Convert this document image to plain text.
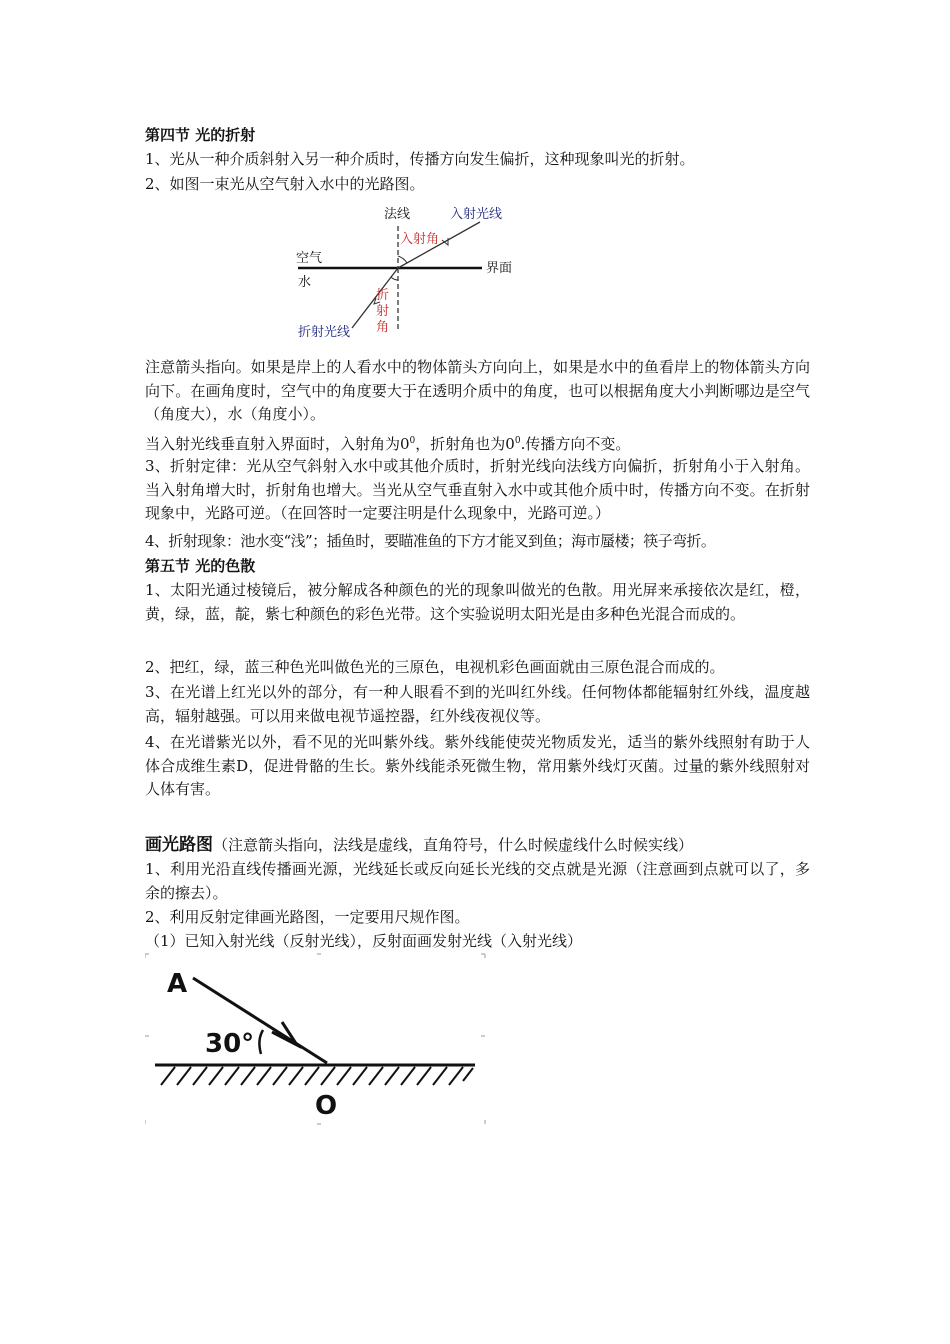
第四节 光的折射
1、光从一种介质斜射入另一种介质时，传播方向发生偏折，这种现象叫光的折射。
2、如图一束光从空气射入水中的光路图。
法线	入射光线
入射角
空气
界面
水
折
射
角
折射光线
注意箭头指向。如果是岸上的人看水中的物体箭头方向向上，如果是水中的鱼看岸上的物体箭头方向向下。在画角度时，空气中的角度要大于在透明介质中的角度，也可以根据角度大小判断哪边是空气（角度大），水（角度小）。
当入射光线垂直射入界面时，入射角为$0^0$，折射角也为$0^0$.传播方向不变。
3、折射定律：光从空气斜射入水中或其他介质时，折射光线向法线方向偏折，折射角小于入射角。当入射角增大时，折射角也增大。当光从空气垂直射入水中或其他介质中时，传播方向不变。在折射现象中，光路可逆。（在回答时一定要注明是什么现象中，光路可逆。）
4、折射现象：池水变“浅”；插鱼时，要瞄准鱼的下方才能叉到鱼；海市蜃楼；筷子弯折。
第五节 光的色散
1、太阳光通过棱镜后，被分解成各种颜色的光的现象叫做光的色散。用光屏来承接依次是红，橙，黄，绿，蓝，靛，紫七种颜色的彩色光带。这个实验说明太阳光是由多种色光混合而成的。
2、把红，绿，蓝三种色光叫做色光的三原色，电视机彩色画面就由三原色混合而成的。
3、在光谱上红光以外的部分，有一种人眼看不到的光叫红外线。任何物体都能辐射红外线，温度越高，辐射越强。可以用来做电视节遥控器，红外线夜视仪等。
4、在光谱紫光以外，看不见的光叫紫外线。紫外线能使荧光物质发光，适当的紫外线照射有助于人体合成维生素D，促进骨骼的生长。紫外线能杀死微生物，常用紫外线灯灭菌。过量的紫外线照射对人体有害。
画光路图（注意箭头指向，法线是虚线，直角符号，什么时候虚线什么时候实线）
1、利用光沿直线传播画光源，光线延长或反向延长光线的交点就是光源（注意画到点就可以了，多余的擦去）。
2、利用反射定律画光路图，一定要用尺规作图。
（1）已知入射光线（反射光线），反射面画发射光线（入射光线）
A
30°
O
